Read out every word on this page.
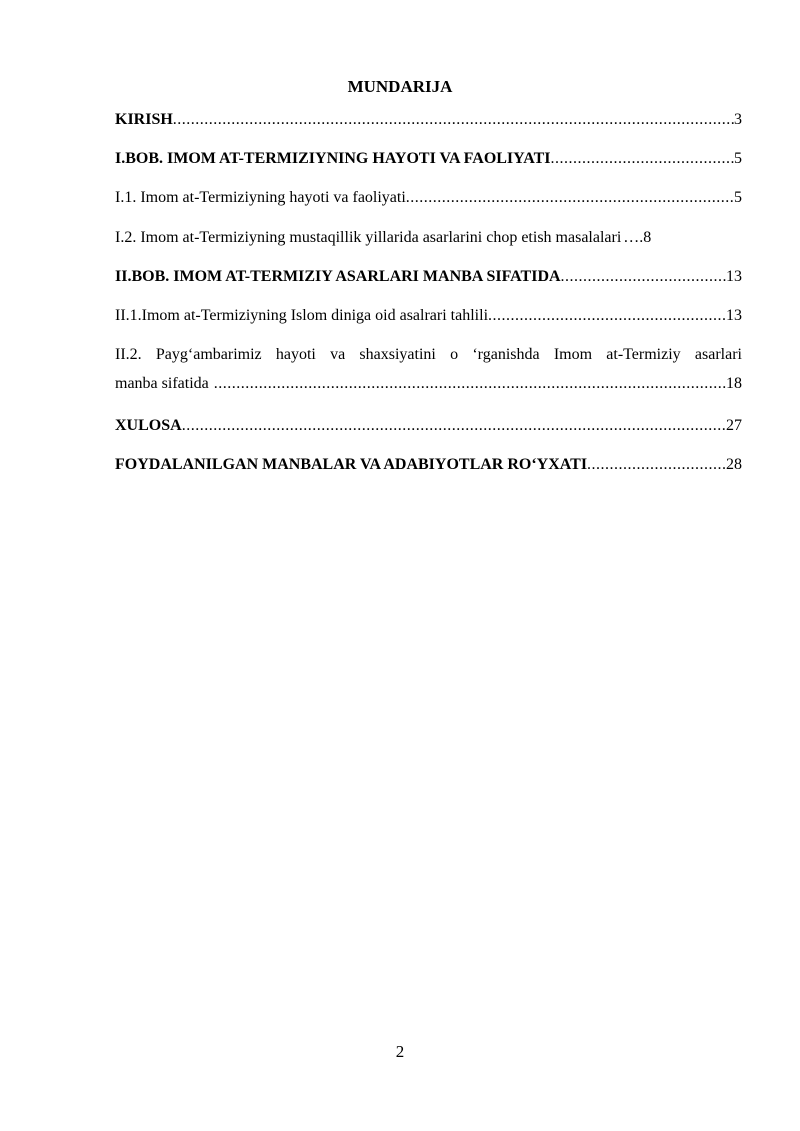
MUNDARIJA
KIRISH .....	3
I.BOB. IMOM AT-TERMIZIYNING HAYOTI VA FAOLIYATI .....	5
I.1. Imom at-Termiziyning hayoti va faoliyati .....	5
I.2. Imom at-Termiziyning mustaqillik yillarida asarlarini chop etish masalalari …. 8
II.BOB. IMOM AT-TERMIZIY ASARLARI MANBA SIFATIDA .....	13
II.1.Imom at-Termiziyning Islom diniga oid asalrari tahlili .....	13
II.2. Payg‘ambarimiz hayoti va shaxsiyatini o ‘rganishda Imom at-Termiziy asarlari
manba sifatida .....	18
XULOSA .....	27
FOYDALANILGAN MANBALAR VA ADABIYOTLAR RO‘YXATI .....	28
2
